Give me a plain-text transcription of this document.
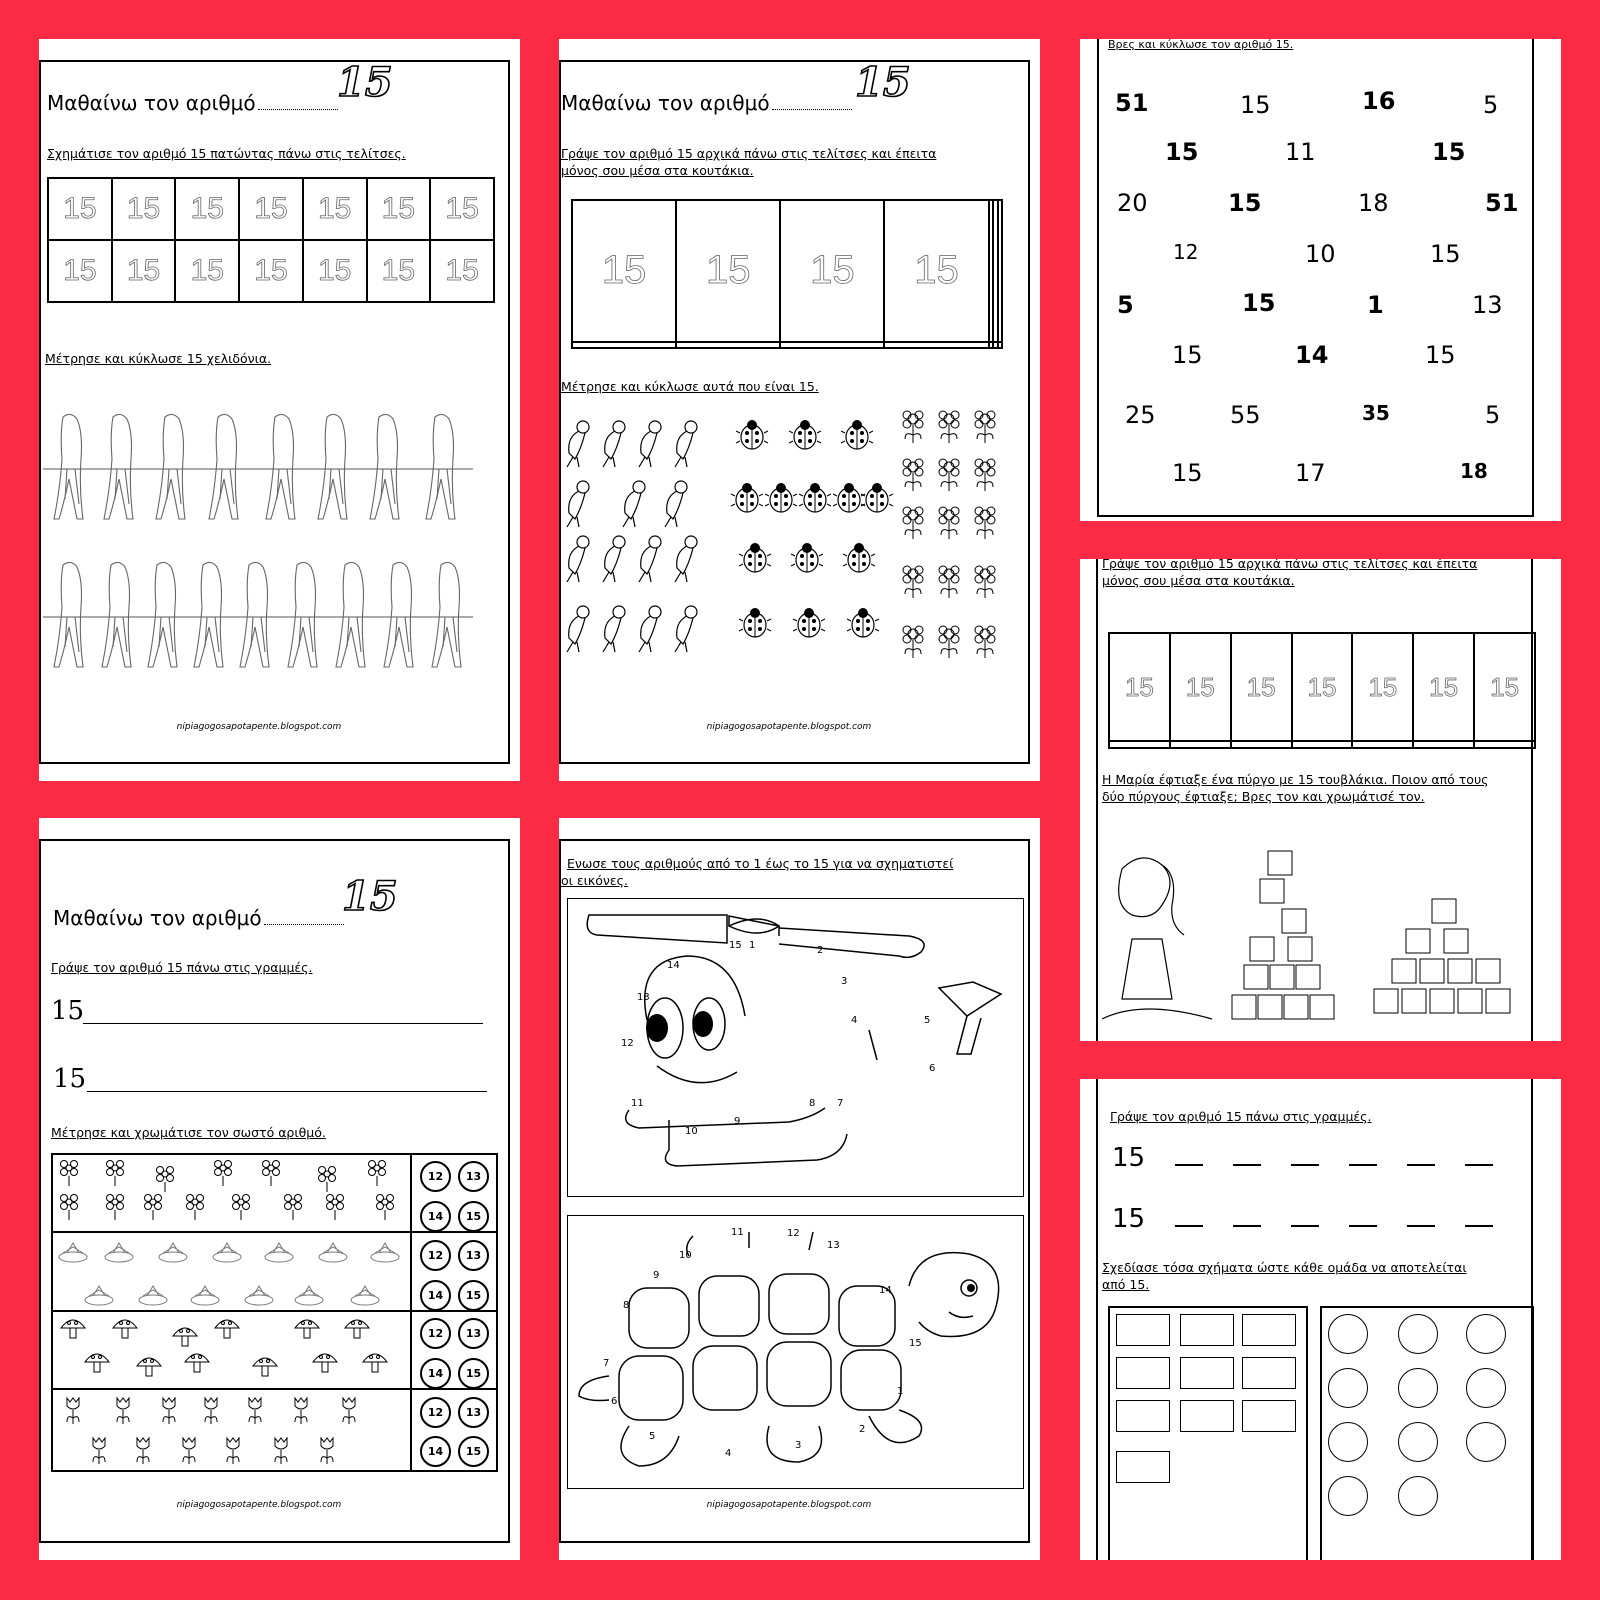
Μαθαίνω τον αριθμό	15
Σχημάτισε τον αριθμό 15 πατώντας πάνω στις τελίτσες.
15	15	15	15	15	15	15
15	15	15	15	15	15	15
Μέτρησε και κύκλωσε 15 χελιδόνια.
nipiagogosapotapente.blogspot.com
Μαθαίνω τον αριθμό	15
Γράψε τον αριθμό 15 αρχικά πάνω στις τελίτσες και έπειτα
μόνος σου μέσα στα κουτάκια.
15	15	15	15			

Μέτρησε και κύκλωσε αυτά που είναι 15.
nipiagogosapotapente.blogspot.com
Βρες και κύκλωσε τον αριθμό 15.
51	15	16	5
15	11	15
20	15	18	51
12	10	15
5	15	1	13
15	14	15
25	55	35	5
15	17	18
Μαθαίνω τον αριθμό	15
Γράψε τον αριθμό 15 πάνω στις γραμμές.
15
15
Μέτρησε και χρωμάτισε τον σωστό αριθμό.
12	13
14	15
12	13
14	15
12	13
14	15
12	13
14	15
nipiagogosapotapente.blogspot.com
Ενωσε τους αριθμούς από το 1 έως το 15 για να σχηματιστεί
οι εικόνες.
15 1	2
3
4	5
6
7
8
9
10
11
12
13
14
11	12
13
10
9
14
8
15
7
6
1
5
4
3
2
nipiagogosapotapente.blogspot.com
Γράψε τον αριθμό 15 αρχικά πάνω στις τελίτσες και έπειτα
μόνος σου μέσα στα κουτάκια.
15	15	15	15	15	15	15

Η Μαρία έφτιαξε ένα πύργο με 15 τουβλάκια. Ποιον από τους
δύο πύργους έφτιαξε; Βρες τον και χρωμάτισέ τον.
Γράψε τον αριθμό 15 πάνω στις γραμμές.
15
15
Σχεδίασε τόσα σχήματα ώστε κάθε ομάδα να αποτελείται
από 15.
